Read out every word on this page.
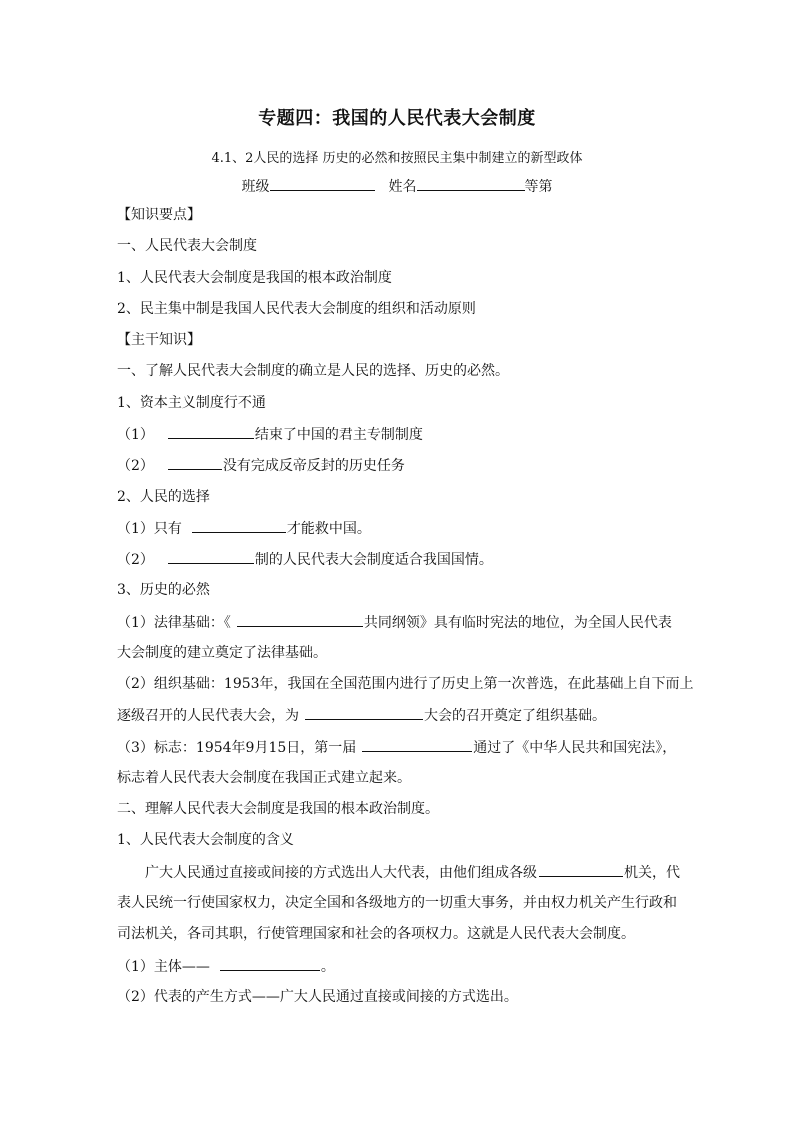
专题四：我国的人民代表大会制度
4.1、2人民的选择 历史的必然和按照民主集中制建立的新型政体
班级	姓名	等第
【知识要点】
一、人民代表大会制度
1、人民代表大会制度是我国的根本政治制度
2、民主集中制是我国人民代表大会制度的组织和活动原则
【主干知识】
一、了解人民代表大会制度的确立是人民的选择、历史的必然。
1、资本主义制度行不通
（1）	结束了中国的君主专制制度
（2）	没有完成反帝反封的历史任务
2、人民的选择
（1）只有	才能救中国。
（2）	制的人民代表大会制度适合我国国情。
3、历史的必然
（1）法律基础：《	共同纲领》具有临时宪法的地位，为全国人民代表
大会制度的建立奠定了法律基础。
（2）组织基础：1953年，我国在全国范围内进行了历史上第一次普选，在此基础上自下而上
逐级召开的人民代表大会，为	大会的召开奠定了组织基础。
（3）标志：1954年9月15日，第一届	通过了《中华人民共和国宪法》，
标志着人民代表大会制度在我国正式建立起来。
二、理解人民代表大会制度是我国的根本政治制度。
1、人民代表大会制度的含义
广大人民通过直接或间接的方式选出人大代表，由他们组成各级	机关，代
表人民统一行使国家权力，决定全国和各级地方的一切重大事务，并由权力机关产生行政和
司法机关，各司其职，行使管理国家和社会的各项权力。这就是人民代表大会制度。
（1）主体——	。
（2）代表的产生方式——广大人民通过直接或间接的方式选出。
